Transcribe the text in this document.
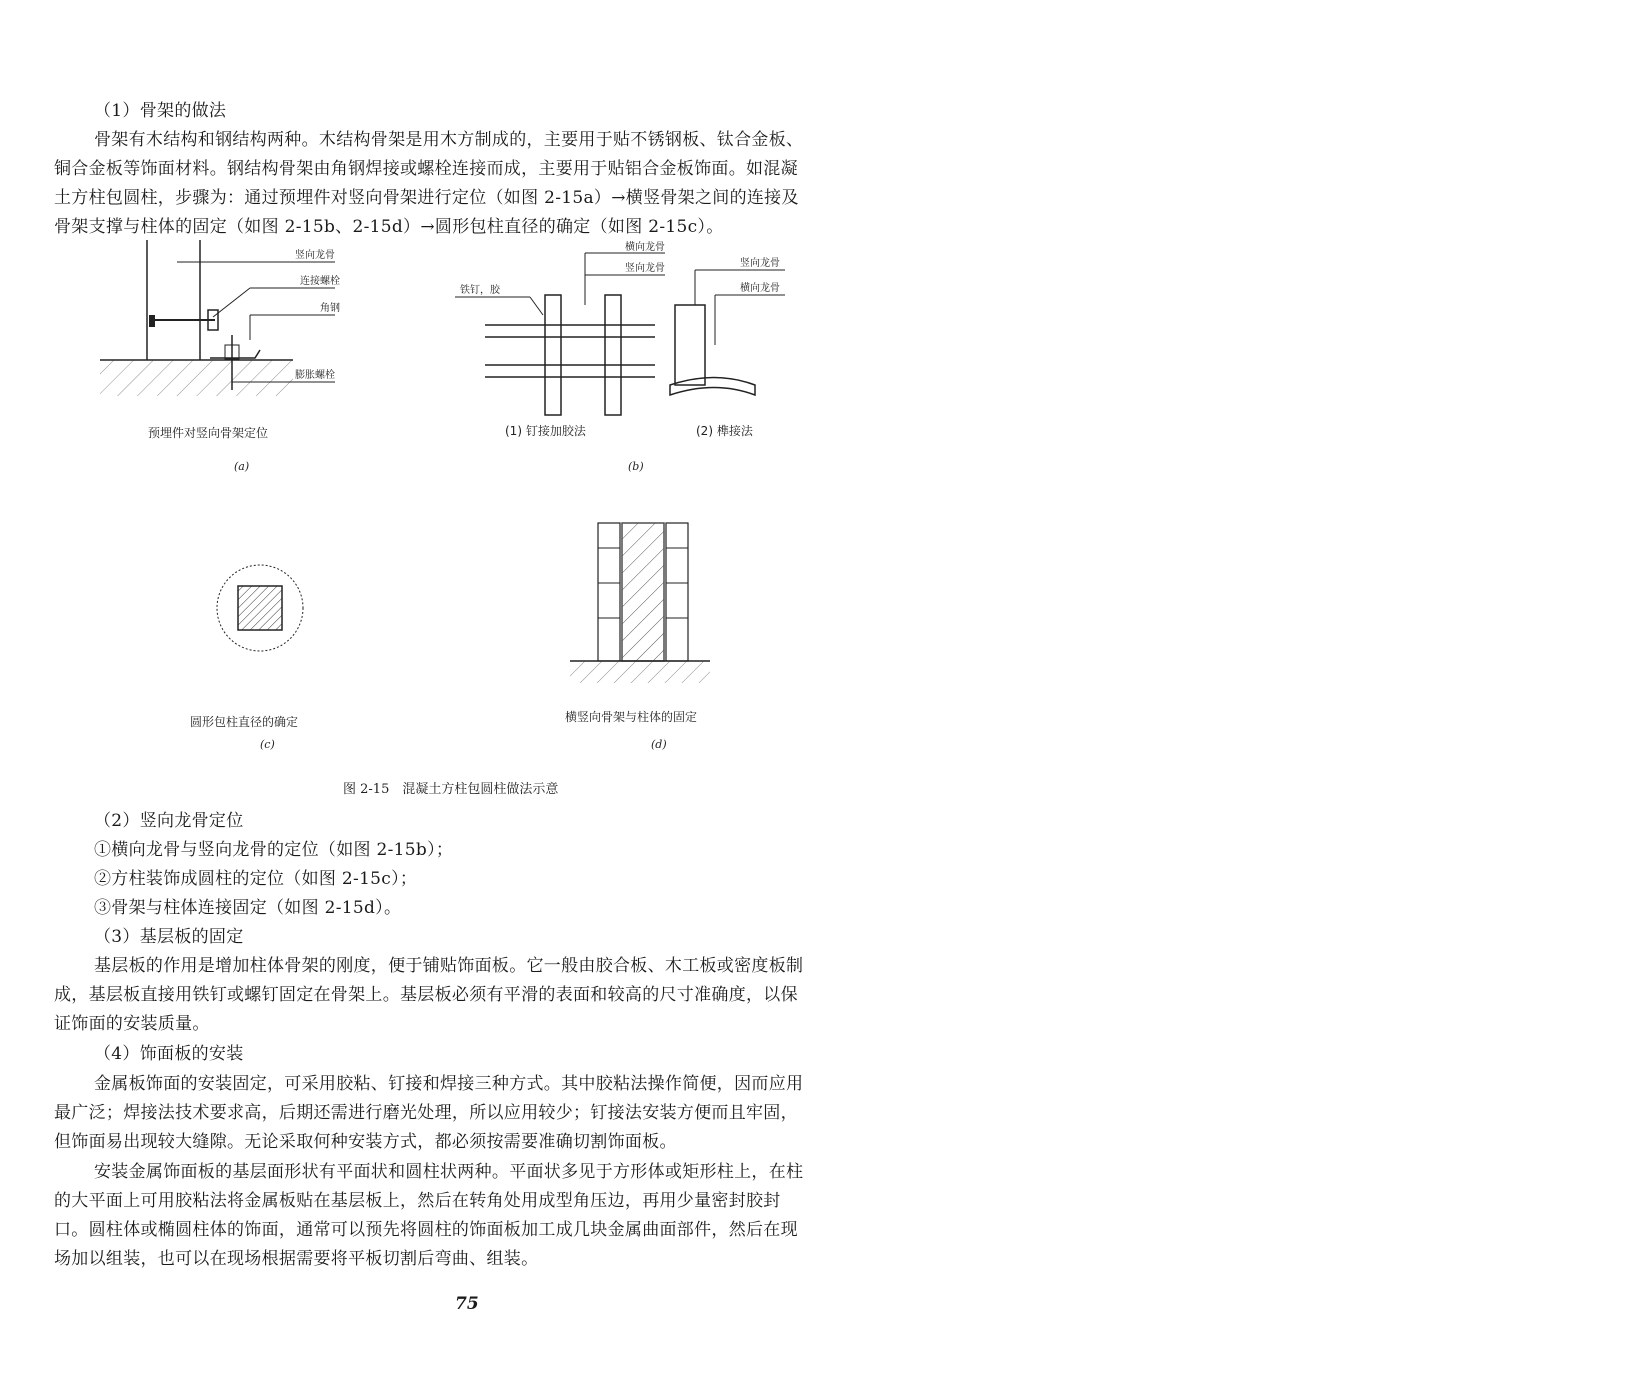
（1）骨架的做法
骨架有木结构和钢结构两种。木结构骨架是用木方制成的，主要用于贴不锈钢板、钛合金板、
铜合金板等饰面材料。钢结构骨架由角钢焊接或螺栓连接而成，主要用于贴铝合金板饰面。如混凝
土方柱包圆柱，步骤为：通过预埋件对竖向骨架进行定位（如图 2-15a）→横竖骨架之间的连接及
骨架支撑与柱体的固定（如图 2-15b、2-15d）→圆形包柱直径的确定（如图 2-15c）。
竖向龙骨
连接螺栓
角钢
膨胀螺栓
预埋件对竖向骨架定位
(a)
横向龙骨
竖向龙骨
铁钉，胶
竖向龙骨
横向龙骨
(1) 钉接加胶法	(2) 榫接法
(b)
圆形包柱直径的确定
(c)
横竖向骨架与柱体的固定
(d)
图 2-15　混凝土方柱包圆柱做法示意
（2）竖向龙骨定位
①横向龙骨与竖向龙骨的定位（如图 2-15b）；
②方柱装饰成圆柱的定位（如图 2-15c）；
③骨架与柱体连接固定（如图 2-15d）。
（3）基层板的固定
基层板的作用是增加柱体骨架的刚度，便于铺贴饰面板。它一般由胶合板、木工板或密度板制
成，基层板直接用铁钉或螺钉固定在骨架上。基层板必须有平滑的表面和较高的尺寸准确度，以保
证饰面的安装质量。
（4）饰面板的安装
金属板饰面的安装固定，可采用胶粘、钉接和焊接三种方式。其中胶粘法操作简便，因而应用
最广泛；焊接法技术要求高，后期还需进行磨光处理，所以应用较少；钉接法安装方便而且牢固，
但饰面易出现较大缝隙。无论采取何种安装方式，都必须按需要准确切割饰面板。
安装金属饰面板的基层面形状有平面状和圆柱状两种。平面状多见于方形体或矩形柱上，在柱
的大平面上可用胶粘法将金属板贴在基层板上，然后在转角处用成型角压边，再用少量密封胶封
口。圆柱体或椭圆柱体的饰面，通常可以预先将圆柱的饰面板加工成几块金属曲面部件，然后在现
场加以组装，也可以在现场根据需要将平板切割后弯曲、组装。
75
